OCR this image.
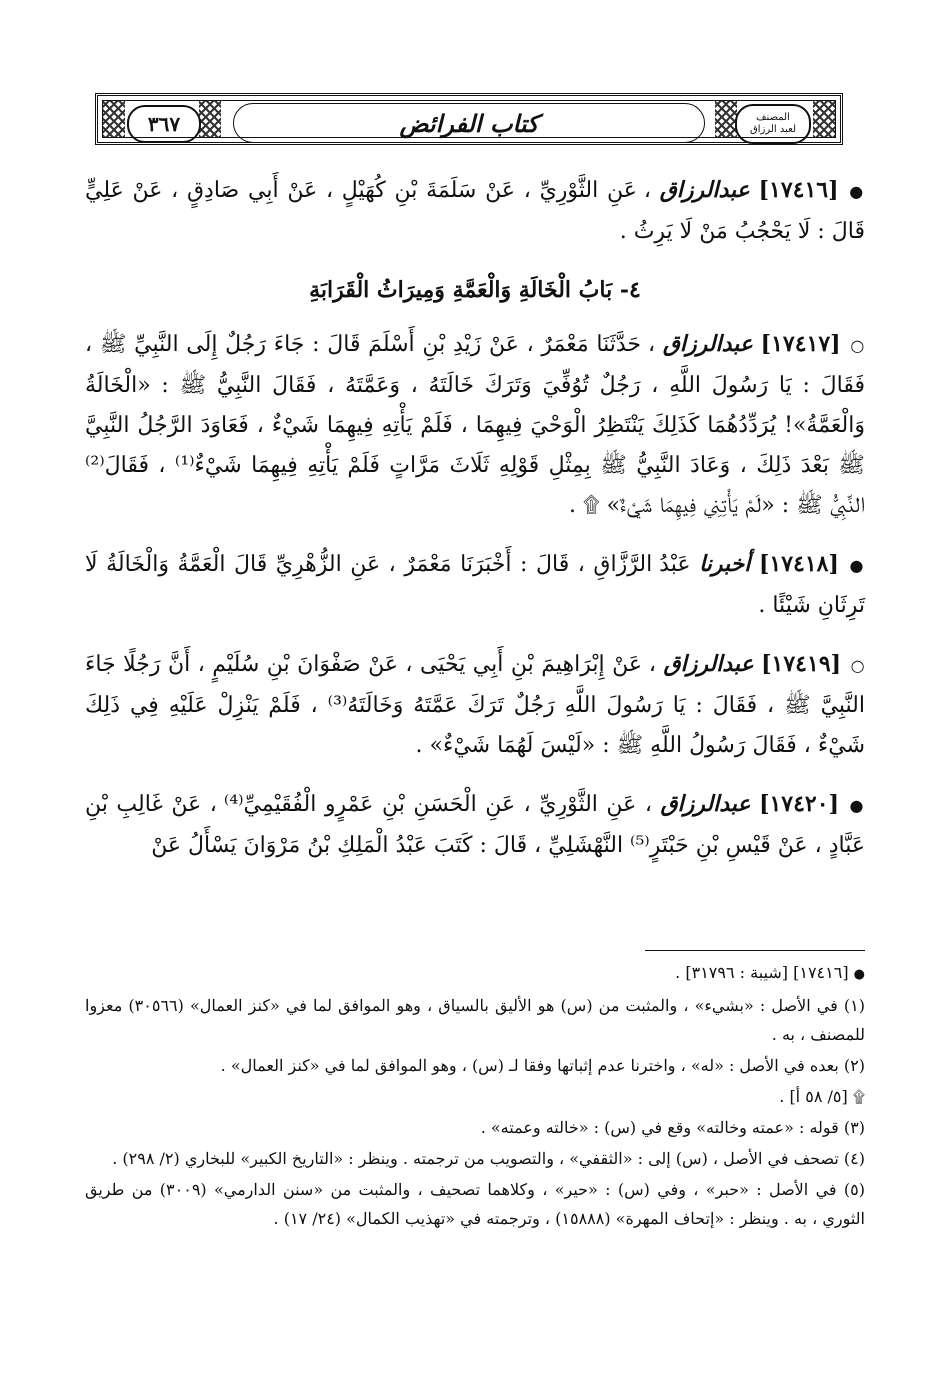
٣٦٧	كتاب الفرائض	المصنف
لعبد الرزاق

● [١٧٤١٦] عبدالرزاق ، عَنِ الثَّوْرِيِّ ، عَنْ سَلَمَةَ بْنِ كُهَيْلٍ ، عَنْ أَبِي صَادِقٍ ، عَنْ عَلِيٍّ قَالَ : لَا يَحْجُبُ مَنْ لَا يَرِثُ .

٤- بَابُ الْخَالَةِ وَالْعَمَّةِ وَمِيرَاثُ الْقَرَابَةِ

○ [١٧٤١٧] عبدالرزاق ، حَدَّثَنَا مَعْمَرٌ ، عَنْ زَيْدِ بْنِ أَسْلَمَ قَالَ : جَاءَ رَجُلٌ إِلَى النَّبِيِّ ﷺ ، فَقَالَ : يَا رَسُولَ اللَّهِ ، رَجُلٌ تُوُفِّيَ وَتَرَكَ خَالَتَهُ ، وَعَمَّتَهُ ، فَقَالَ النَّبِيُّ ﷺ : «الْخَالَةُ وَالْعَمَّةُ»! يُرَدِّدُهُمَا كَذَلِكَ يَنْتَظِرُ الْوَحْيَ فِيهِمَا ، فَلَمْ يَأْتِهِ فِيهِمَا شَيْءٌ ، فَعَاوَدَ الرَّجُلُ النَّبِيَّ ﷺ بَعْدَ ذَلِكَ ، وَعَادَ النَّبِيُّ ﷺ بِمِثْلِ قَوْلِهِ ثَلَاثَ مَرَّاتٍ فَلَمْ يَأْتِهِ فِيهِمَا شَيْءٌ⁽¹⁾ ، فَقَالَ⁽²⁾ النَّبِيُّ ﷺ : «لَمْ يَأْتِنِي فِيهِمَا شَيْءٌ» ۩ .

● [١٧٤١٨] أخبرنا عَبْدُ الرَّزَّاقِ ، قَالَ : أَخْبَرَنَا مَعْمَرٌ ، عَنِ الزُّهْرِيِّ قَالَ الْعَمَّةُ وَالْخَالَةُ لَا تَرِثَانِ شَيْئًا .

○ [١٧٤١٩] عبدالرزاق ، عَنْ إِبْرَاهِيمَ بْنِ أَبِي يَحْيَى ، عَنْ صَفْوَانَ بْنِ سُلَيْمٍ ، أَنَّ رَجُلًا جَاءَ النَّبِيَّ ﷺ ، فَقَالَ : يَا رَسُولَ اللَّهِ رَجُلٌ تَرَكَ عَمَّتَهُ وَخَالَتَهُ⁽³⁾ ، فَلَمْ يَنْزِلْ عَلَيْهِ فِي ذَلِكَ شَيْءٌ ، فَقَالَ رَسُولُ اللَّهِ ﷺ : «لَيْسَ لَهُمَا شَيْءٌ» .

● [١٧٤٢٠] عبدالرزاق ، عَنِ الثَّوْرِيِّ ، عَنِ الْحَسَنِ بْنِ عَمْرٍو الْفُقَيْمِيِّ⁽⁴⁾ ، عَنْ غَالِبِ بْنِ عَبَّادٍ ، عَنْ قَيْسِ بْنِ حَبْتَرٍ⁽⁵⁾ النَّهْشَلِيِّ ، قَالَ : كَتَبَ عَبْدُ الْمَلِكِ بْنُ مَرْوَانَ يَسْأَلُ عَنْ

● [١٧٤١٦] [شيبة : ٣١٧٩٦] .

(١) في الأصل : «بشيء» ، والمثبت من (س) هو الأليق بالسياق ، وهو الموافق لما في «كنز العمال» (٣٠٥٦٦) معزوا للمصنف ، به .

(٢) بعده في الأصل : «له» ، واخترنا عدم إثباتها وفقا لـ (س) ، وهو الموافق لما في «كنز العمال» .

۩ [٥/ ٥٨ أ] .

(٣) قوله : «عمته وخالته» وقع في (س) : «خالته وعمته» .

(٤) تصحف في الأصل ، (س) إلى : «الثقفي» ، والتصويب من ترجمته . وينظر : «التاريخ الكبير» للبخاري (٢/ ٢٩٨) .

(٥) في الأصل : «حبر» ، وفي (س) : «حير» ، وكلاهما تصحيف ، والمثبت من «سنن الدارمي» (٣٠٠٩) من طريق الثوري ، به . وينظر : «إتحاف المهرة» (١٥٨٨٨) ، وترجمته في «تهذيب الكمال» (٢٤/ ١٧) .
